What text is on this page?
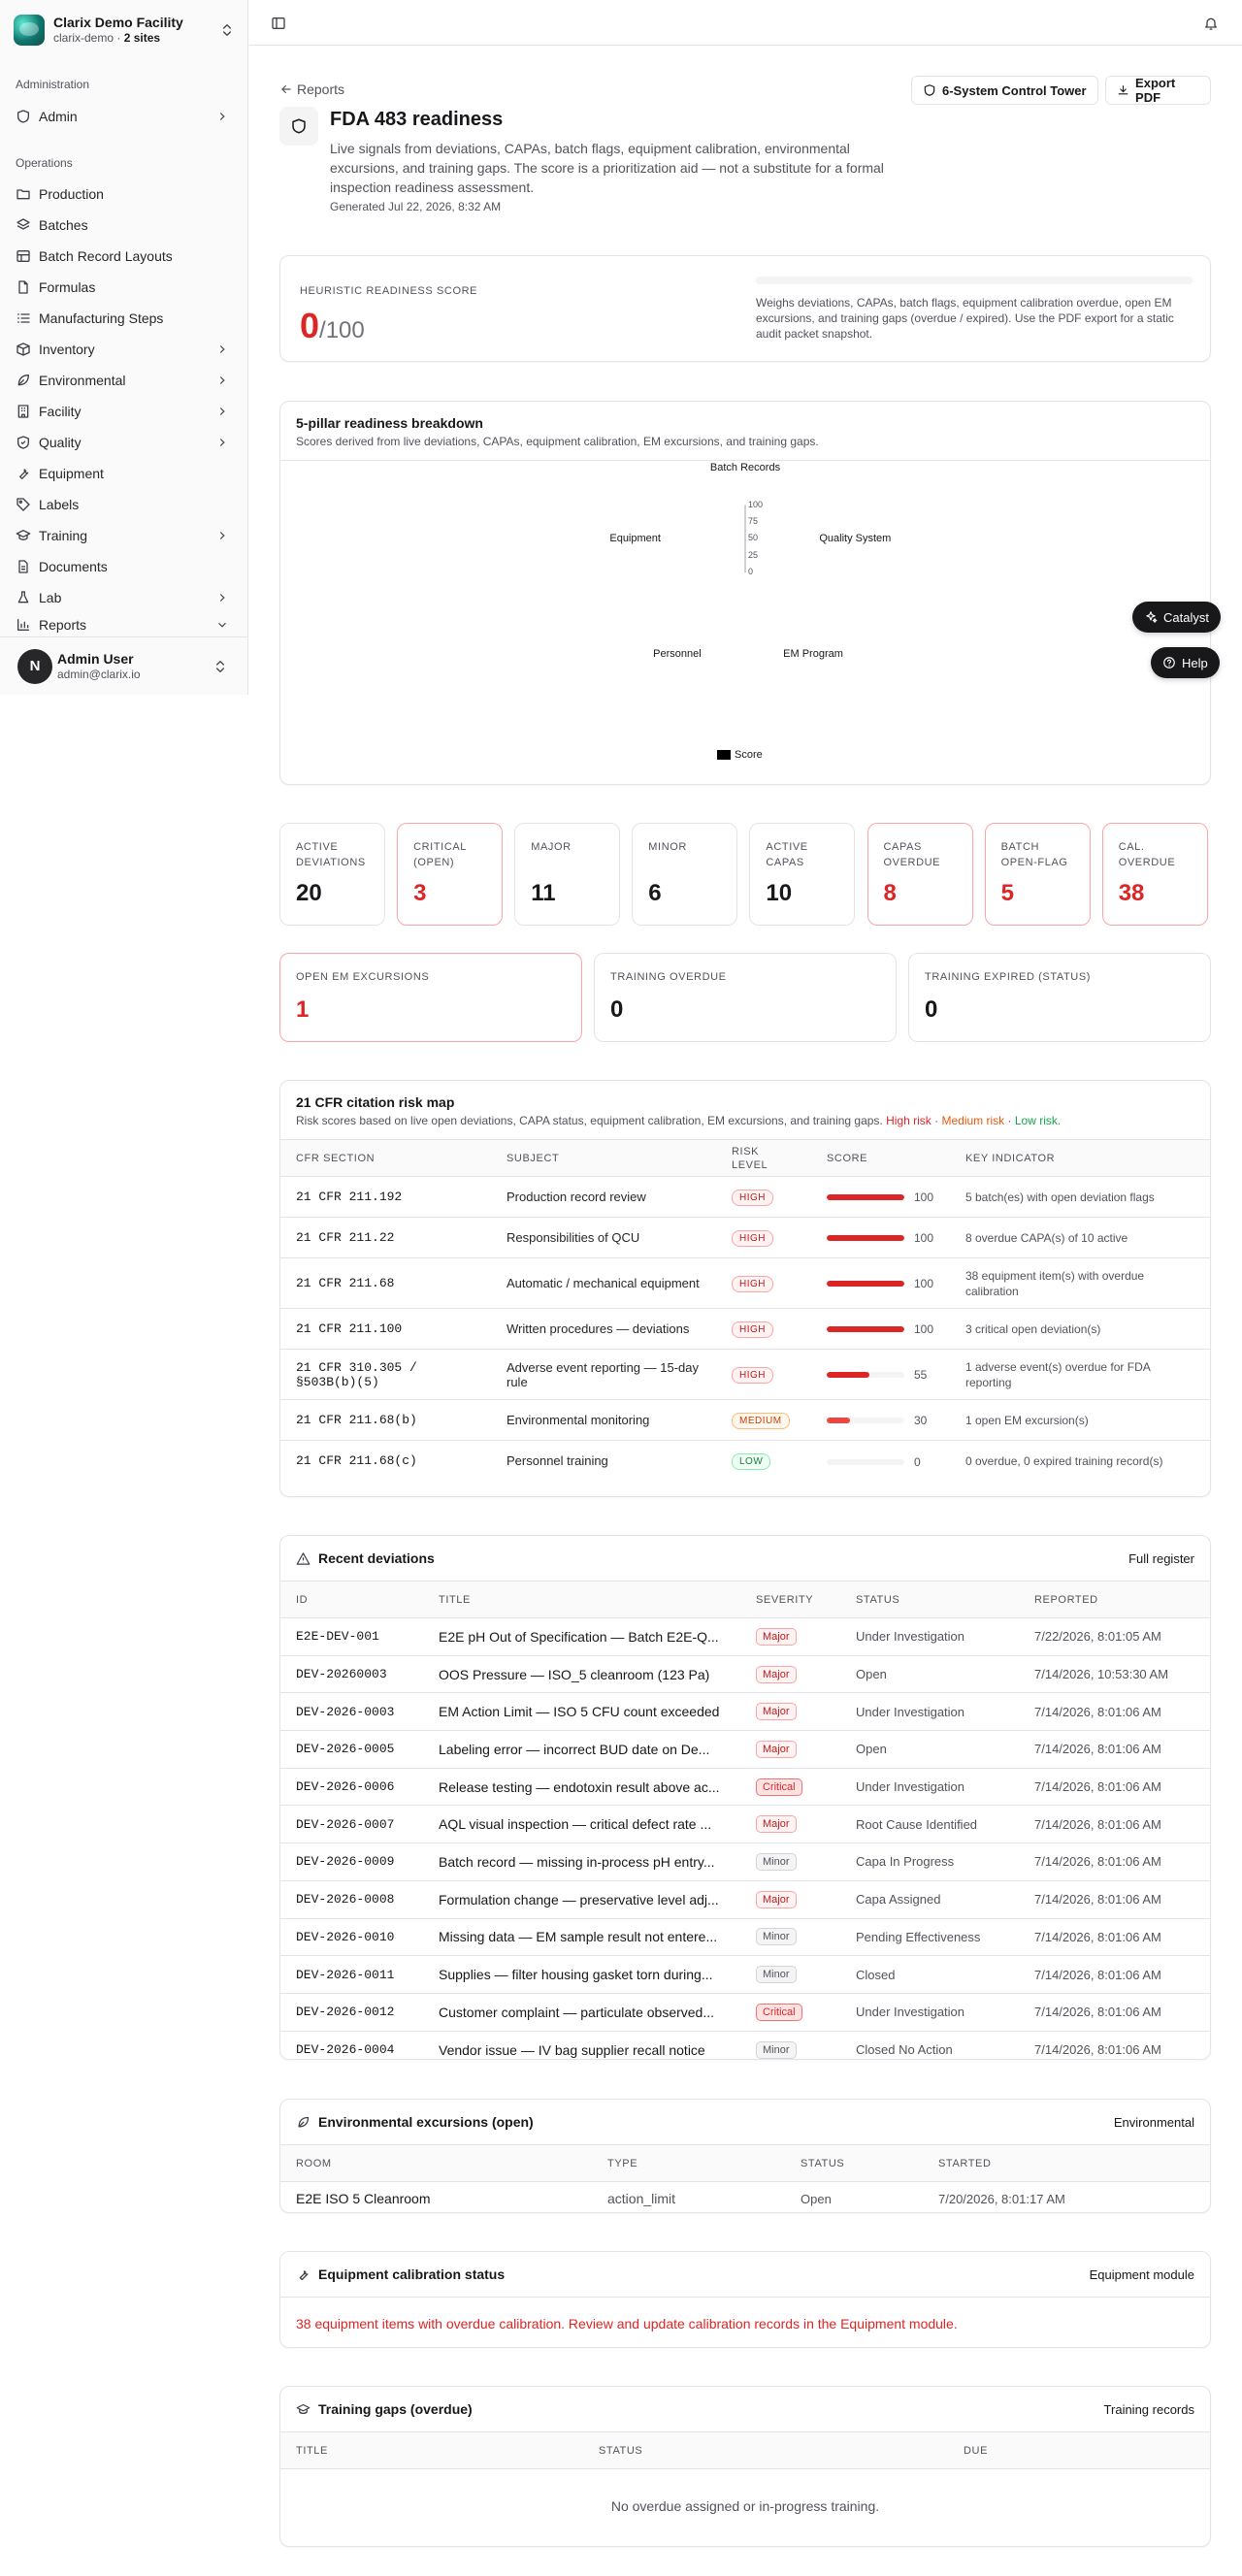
Clarix Demo Facility
clarix-demo · 2 sites
Administration
Admin
Operations
Production
Batches
Batch Record Layouts
Formulas
Manufacturing Steps
Inventory
Environmental
Facility
Quality
Equipment
Labels
Training
Documents
Lab
Reports
N	Admin User
admin@clarix.io
Reports	6-System Control Tower	Export PDF
FDA 483 readiness

Live signals from deviations, CAPAs, batch flags, equipment calibration, environmental excursions, and training gaps. The score is a prioritization aid — not a substitute for a formal inspection readiness assessment.

Generated Jul 22, 2026, 8:32 AM
HEURISTIC READINESS SCORE
0/100
Weighs deviations, CAPAs, batch flags, equipment calibration overdue, open EM excursions, and training gaps (overdue / expired). Use the PDF export for a static audit packet snapshot.
5-pillar readiness breakdown
Scores derived from live deviations, CAPAs, equipment calibration, EM excursions, and training gaps.
100
75
50
25
0
Batch Records
Quality System
EM Program
Personnel
Equipment
Score
ACTIVE DEVIATIONS
20
CRITICAL (OPEN)
3
MAJOR
11
MINOR
6
ACTIVE CAPAS
10
CAPAS OVERDUE
8
BATCH OPEN-FLAG
5
CAL. OVERDUE
38
OPEN EM EXCURSIONS
1
TRAINING OVERDUE
0
TRAINING EXPIRED (STATUS)
0
21 CFR citation risk map
Risk scores based on live open deviations, CAPA status, equipment calibration, EM excursions, and training gaps. High risk · Medium risk · Low risk.
CFR SECTION	SUBJECT	RISK LEVEL	SCORE	KEY INDICATOR
21 CFR 211.192	Production record review	HIGH	100	5 batch(es) with open deviation flags
21 CFR 211.22	Responsibilities of QCU	HIGH	100	8 overdue CAPA(s) of 10 active
21 CFR 211.68	Automatic / mechanical equipment	HIGH	100	38 equipment item(s) with overdue calibration
21 CFR 211.100	Written procedures — deviations	HIGH	100	3 critical open deviation(s)
21 CFR 310.305 / §503B(b)(5)	Adverse event reporting — 15-day rule	HIGH	55	1 adverse event(s) overdue for FDA reporting
21 CFR 211.68(b)	Environmental monitoring	MEDIUM	30	1 open EM excursion(s)
21 CFR 211.68(c)	Personnel training	LOW	0	0 overdue, 0 expired training record(s)
Recent deviations	Full register
ID	TITLE	SEVERITY	STATUS	REPORTED
E2E-DEV-001	E2E pH Out of Specification — Batch E2E-Q...	Major	Under Investigation	7/22/2026, 8:01:05 AM
DEV-20260003	OOS Pressure — ISO_5 cleanroom (123 Pa)	Major	Open	7/14/2026, 10:53:30 AM
DEV-2026-0003	EM Action Limit — ISO 5 CFU count exceeded	Major	Under Investigation	7/14/2026, 8:01:06 AM
DEV-2026-0005	Labeling error — incorrect BUD date on De...	Major	Open	7/14/2026, 8:01:06 AM
DEV-2026-0006	Release testing — endotoxin result above ac...	Critical	Under Investigation	7/14/2026, 8:01:06 AM
DEV-2026-0007	AQL visual inspection — critical defect rate ...	Major	Root Cause Identified	7/14/2026, 8:01:06 AM
DEV-2026-0009	Batch record — missing in-process pH entry...	Minor	Capa In Progress	7/14/2026, 8:01:06 AM
DEV-2026-0008	Formulation change — preservative level adj...	Major	Capa Assigned	7/14/2026, 8:01:06 AM
DEV-2026-0010	Missing data — EM sample result not entere...	Minor	Pending Effectiveness	7/14/2026, 8:01:06 AM
DEV-2026-0011	Supplies — filter housing gasket torn during...	Minor	Closed	7/14/2026, 8:01:06 AM
DEV-2026-0012	Customer complaint — particulate observed...	Critical	Under Investigation	7/14/2026, 8:01:06 AM
DEV-2026-0004	Vendor issue — IV bag supplier recall notice	Minor	Closed No Action	7/14/2026, 8:01:06 AM
Environmental excursions (open)	Environmental
ROOM	TYPE	STATUS	STARTED
E2E ISO 5 Cleanroom	action_limit	Open	7/20/2026, 8:01:17 AM
Equipment calibration status	Equipment module
38 equipment items with overdue calibration. Review and update calibration records in the Equipment module.
Training gaps (overdue)	Training records
TITLE	STATUS	DUE
No overdue assigned or in-progress training.
Catalyst
Help
